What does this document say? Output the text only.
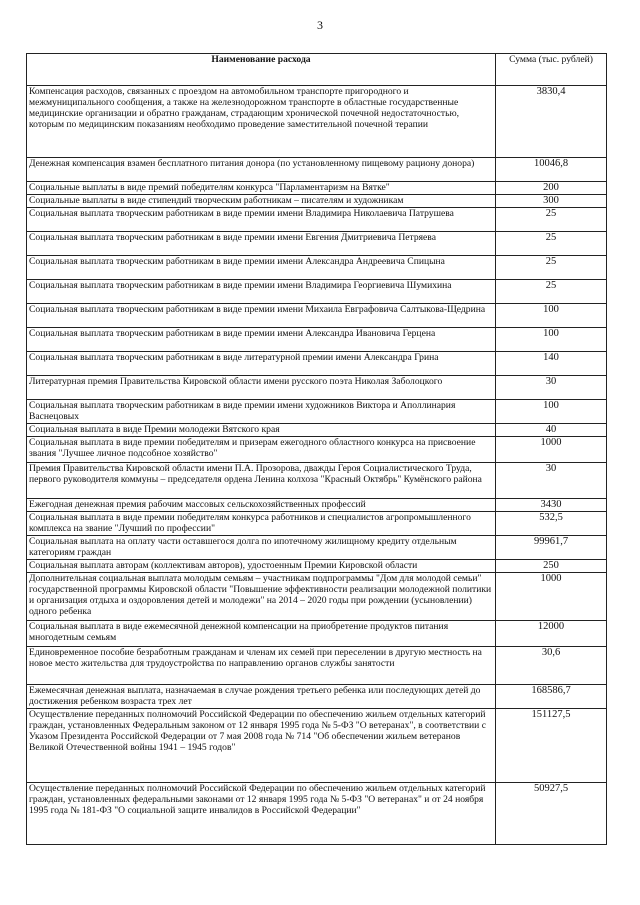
3
Наименование расхода	Сумма (тыс. рублей)
Компенсация расходов, связанных с проездом на автомобильном транспорте пригородного и межмуниципального сообщения, а также на железнодорожном транспорте в областные государственные медицинские организации и обратно гражданам, страдающим хронической почечной недостаточностью, которым по медицинским показаниям необходимо проведение заместительной почечной терапии	3830,4
Денежная компенсация взамен бесплатного питания донора (по установленному пищевому рациону донора)	10046,8
Социальные выплаты в виде премий победителям конкурса "Парламентаризм на Вятке"	200
Социальные выплаты в виде стипендий творческим работникам – писателям и художникам	300
Социальная выплата творческим работникам в виде премии имени Владимира Николаевича Патрушева	25
Социальная выплата творческим работникам в виде премии имени Евгения Дмитриевича Петряева	25
Социальная выплата творческим работникам в виде премии имени Александра Андреевича Спицына	25
Социальная выплата творческим работникам в виде премии имени Владимира Георгиевича Шумихина	25
Социальная выплата творческим работникам в виде премии имени Михаила Евграфовича Салтыкова-Щедрина	100
Социальная выплата творческим работникам в виде премии имени Александра Ивановича Герцена	100
Социальная выплата творческим работникам в виде литературной премии имени Александра Грина	140
Литературная премия Правительства Кировской области имени русского поэта Николая Заболоцкого	30
Социальная выплата творческим работникам в виде премии имени художников Виктора и Аполлинария Васнецовых	100
Социальная выплата в виде Премии молодежи Вятского края	40
Социальная выплата в виде премии победителям и призерам ежегодного областного конкурса на присвоение звания "Лучшее личное подсобное хозяйство"	1000
Премия Правительства Кировской области имени П.А. Прозорова, дважды Героя Социалистического Труда, первого руководителя коммуны – председателя ордена Ленина колхоза "Красный Октябрь" Кумёнского района	30
Ежегодная денежная премия рабочим массовых сельскохозяйственных профессий	3430
Социальная выплата в виде премии победителям конкурса работников и специалистов агропромышленного комплекса на звание "Лучший по профессии"	532,5
Социальная выплата на оплату части оставшегося долга по ипотечному жилищному кредиту отдельным категориям граждан	99961,7
Социальная выплата авторам (коллективам авторов), удостоенным Премии Кировской области	250
Дополнительная социальная выплата молодым семьям – участникам подпрограммы "Дом для молодой семьи" государственной программы Кировской области "Повышение эффективности реализации молодежной политики и организация отдыха и оздоровления детей и молодежи" на 2014 – 2020 годы при рождении (усыновлении) одного ребенка	1000
Социальная выплата в виде ежемесячной денежной компенсации на приобретение продуктов питания многодетным семьям	12000
Единовременное пособие безработным гражданам и членам их семей при переселении в другую местность на новое место жительства для трудоустройства по направлению органов службы занятости	30,6
Ежемесячная денежная выплата, назначаемая в случае рождения третьего ребенка или последующих детей до достижения ребенком возраста трех лет	168586,7
Осуществление переданных полномочий Российской Федерации по обеспечению жильем отдельных категорий граждан, установленных Федеральным законом от 12 января 1995 года № 5-ФЗ "О ветеранах", в соответствии с Указом Президента Российской Федерации от 7 мая 2008 года № 714 "Об обеспечении жильем ветеранов Великой Отечественной войны 1941 – 1945 годов"	151127,5
Осуществление переданных полномочий Российской Федерации по обеспечению жильем отдельных категорий граждан, установленных федеральными законами от 12 января 1995 года № 5-ФЗ "О ветеранах" и от 24 ноября 1995 года № 181-ФЗ "О социальной защите инвалидов в Российской Федерации"	50927,5
